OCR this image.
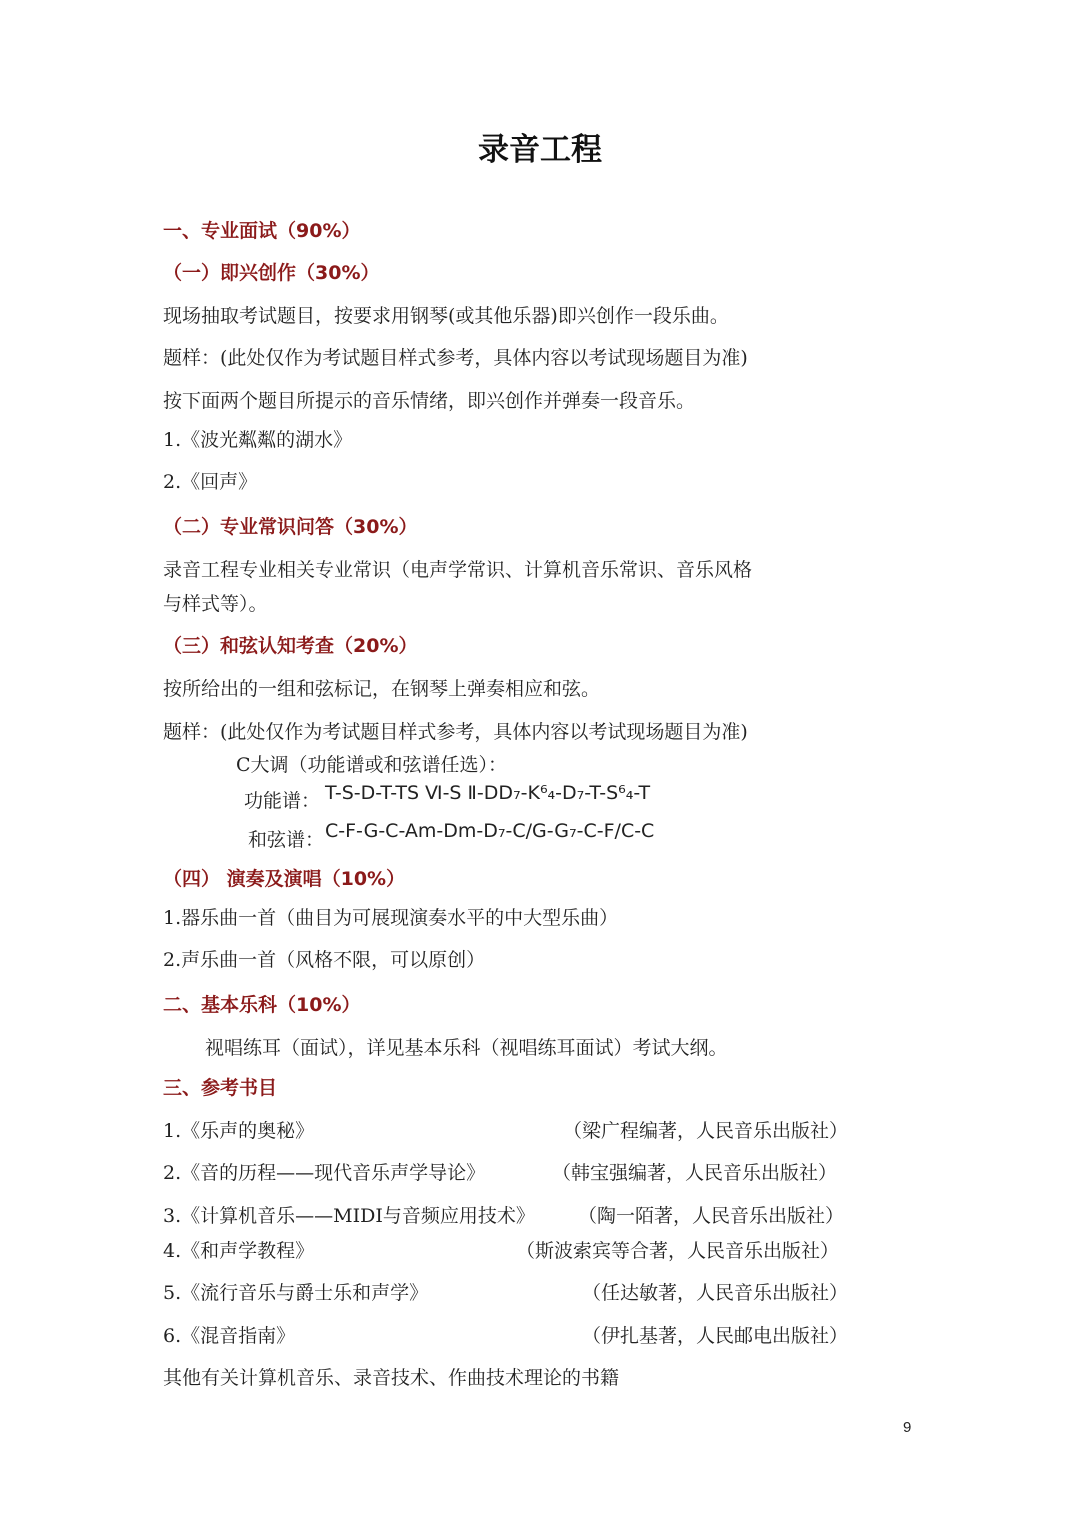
录音工程
一、专业面试（90%）
（一）即兴创作（30%）
现场抽取考试题目，按要求用钢琴(或其他乐器)即兴创作一段乐曲。
题样：(此处仅作为考试题目样式参考，具体内容以考试现场题目为准)
按下面两个题目所提示的音乐情绪，即兴创作并弹奏一段音乐。
1.《波光粼粼的湖水》
2.《回声》
（二）专业常识问答（30%）
录音工程专业相关专业常识（电声学常识、计算机音乐常识、音乐风格
与样式等）。
（三）和弦认知考查（20%）
按所给出的一组和弦标记，在钢琴上弹奏相应和弦。
题样：(此处仅作为考试题目样式参考，具体内容以考试现场题目为准)
C大调（功能谱或和弦谱任选）：
功能谱： T-S-D-T-TS Ⅵ-S Ⅱ-DD₇-K⁶₄-D₇-T-S⁶₄-T
和弦谱： C-F-G-C-Am-Dm-D₇-C/G-G₇-C-F/C-C
（四） 演奏及演唱（10%）
1.器乐曲一首（曲目为可展现演奏水平的中大型乐曲）
2.声乐曲一首（风格不限，可以原创）
二、基本乐科（10%）
视唱练耳（面试），详见基本乐科（视唱练耳面试）考试大纲。
三、参考书目
1.《乐声的奥秘》	（梁广程编著，人民音乐出版社）
2.《音的历程——现代音乐声学导论》	（韩宝强编著，人民音乐出版社）
3.《计算机音乐——MIDI与音频应用技术》 （陶一陌著，人民音乐出版社）
4.《和声学教程》	（斯波索宾等合著，人民音乐出版社）
5.《流行音乐与爵士乐和声学》	（任达敏著，人民音乐出版社）
6.《混音指南》	（伊扎基著，人民邮电出版社）
其他有关计算机音乐、录音技术、作曲技术理论的书籍
9
